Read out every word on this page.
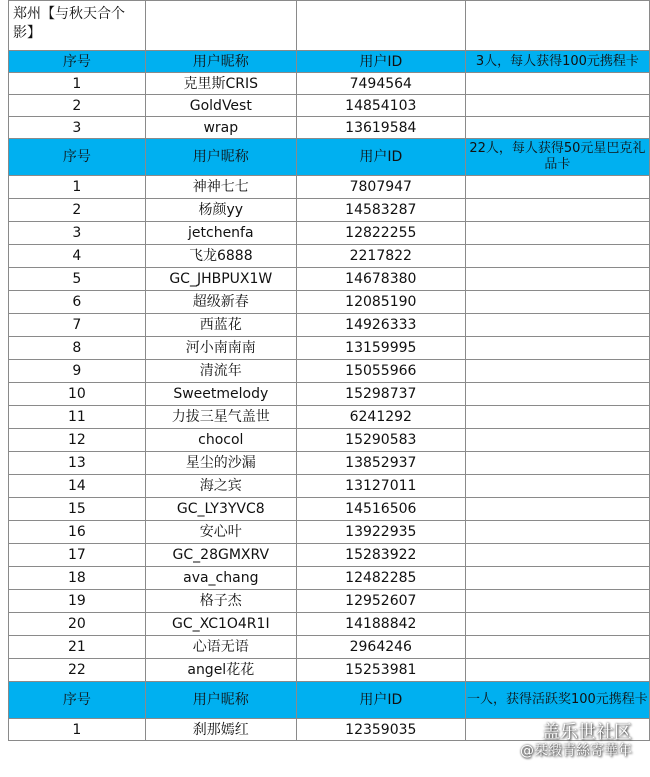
郑州【与秋天合个影】			
序号	用户昵称	用户ID	3人，每人获得100元携程卡
1	克里斯CRIS	7494564	
2	GoldVest	14854103	
3	wrap	13619584	
序号	用户昵称	用户ID	22人，每人获得50元星巴克礼品卡
1	神神七七	7807947	
2	杨颜yy	14583287	
3	jetchenfa	12822255	
4	飞龙6888	2217822	
5	GC_JHBPUX1W	14678380	
6	超级新春	12085190	
7	西蓝花	14926333	
8	河小南南南	13159995	
9	清流年	15055966	
10	Sweetmelody	15298737	
11	力拔三星气盖世	6241292	
12	chocol	15290583	
13	星尘的沙漏	13852937	
14	海之宾	13127011	
15	GC_LY3YVC8	14516506	
16	安心叶	13922935	
17	GC_28GMXRV	15283922	
18	ava_chang	12482285	
19	格子杰	12952607	
20	GC_XC1O4R1I	14188842	
21	心语无语	2964246	
22	angel花花	15253981	
序号	用户昵称	用户ID	一人，获得活跃奖100元携程卡
1	刹那嫣红	12359035		盖乐世社区
@栞緞青絲寄華年
